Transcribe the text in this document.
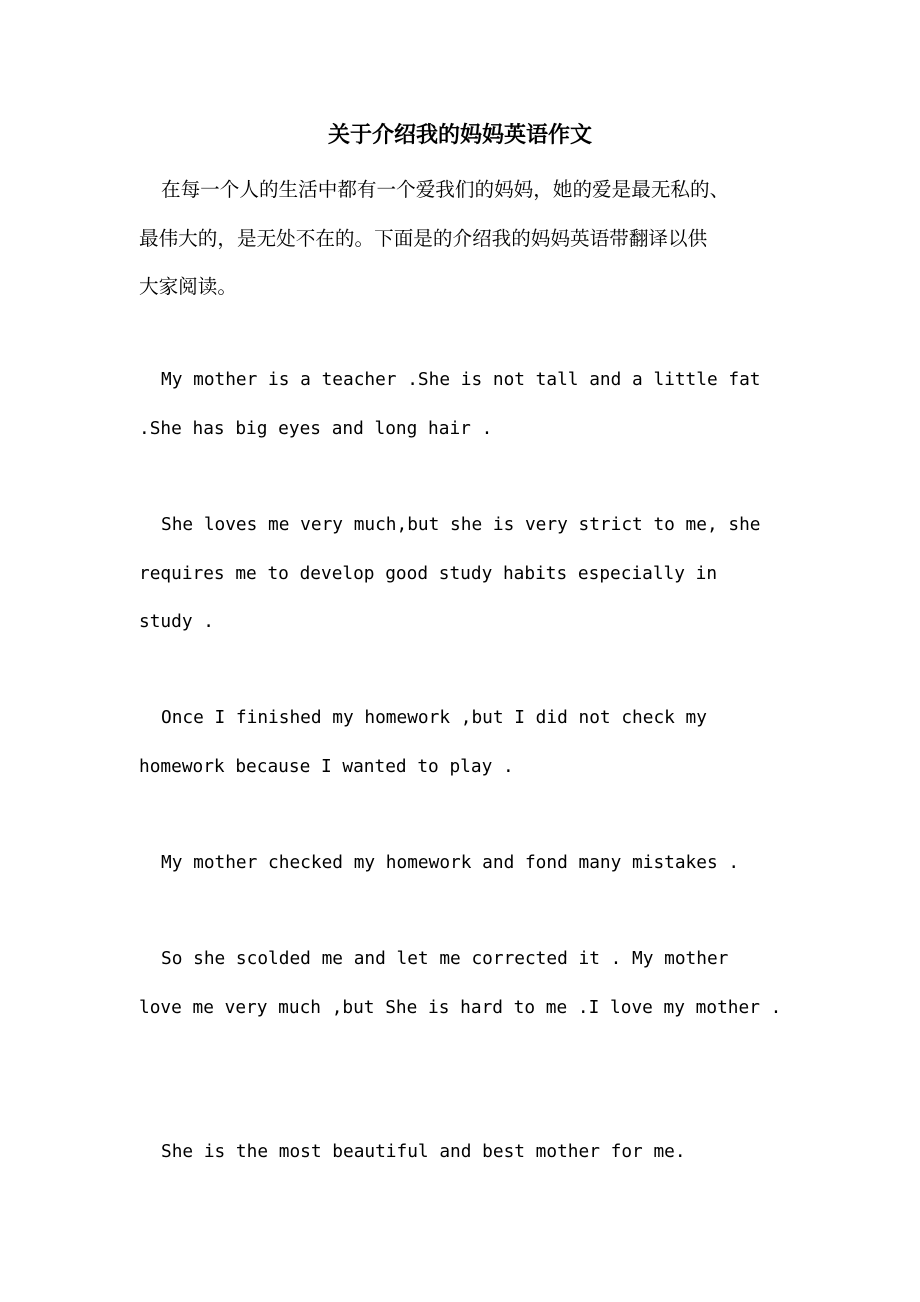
关于介绍我的妈妈英语作文

在每一个人的生活中都有一个爱我们的妈妈，她的爱是最无私的、
最伟大的，是无处不在的。下面是的介绍我的妈妈英语带翻译以供
大家阅读。

My mother is a teacher .She is not tall and a little fat
.She has big eyes and long hair .

She loves me very much,but she is very strict to me, she
requires me to develop good study habits especially in
study .

Once I finished my homework ,but I did not check my
homework because I wanted to play .

My mother checked my homework and fond many mistakes .

So she scolded me and let me corrected it . My mother
love me very much ,but She is hard to me .I love my mother .

She is the most beautiful and best mother for me.
